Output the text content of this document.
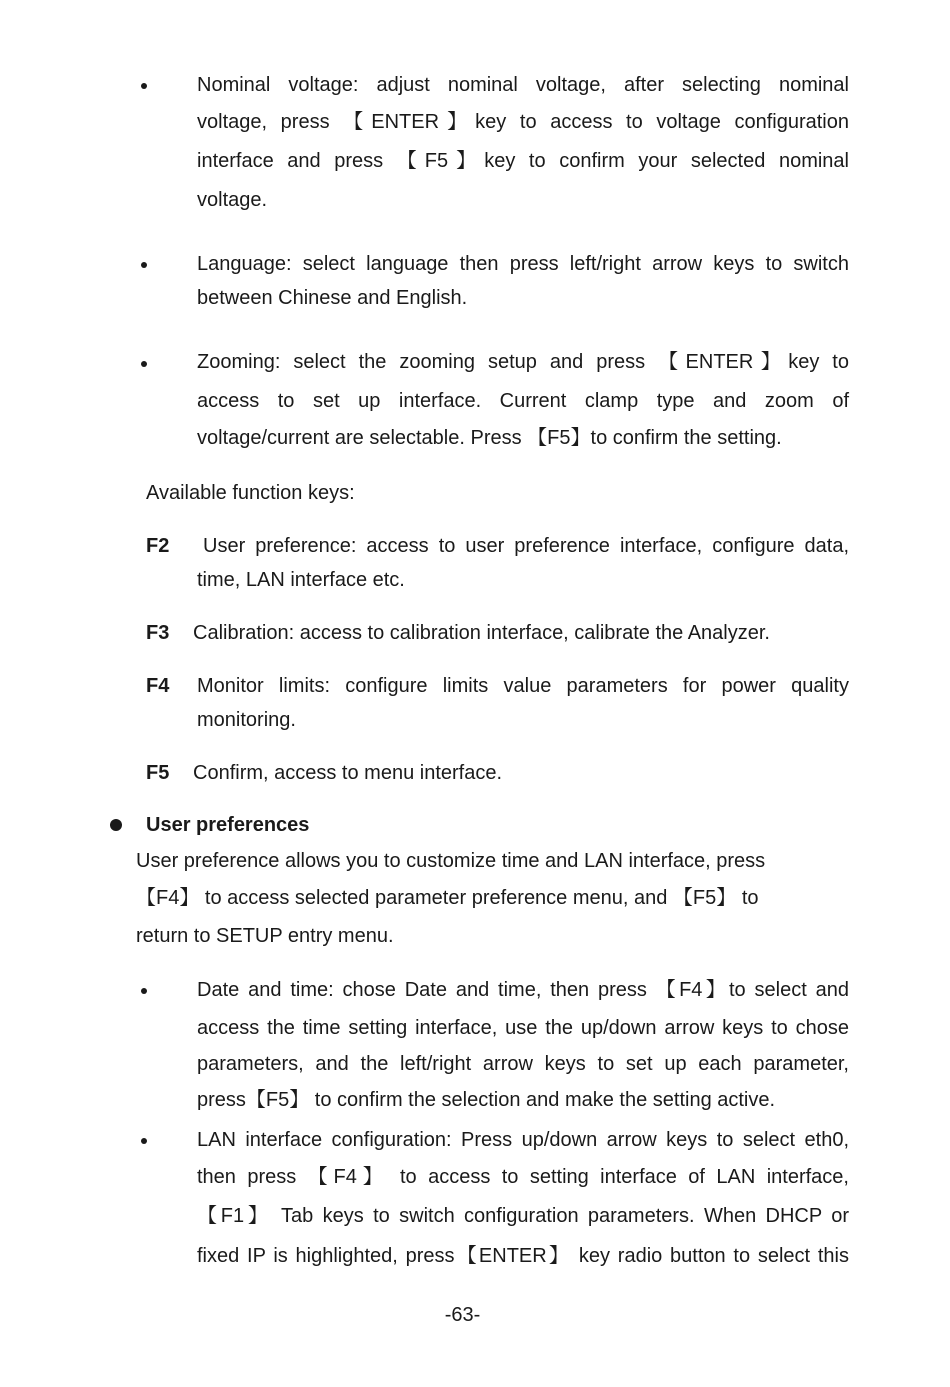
Nominal voltage: adjust nominal voltage, after selecting nominal
voltage, press 【ENTER】key to access to voltage configuration
interface and press 【F5】key to confirm your selected nominal
voltage.
Language: select language then press left/right arrow keys to switch
between Chinese and English.
Zooming: select the zooming setup and press 【ENTER】key to
access to set up interface. Current clamp type and zoom of
voltage/current are selectable. Press 【F5】to confirm the setting.
Available function keys:
F2 User preference: access to user preference interface, configure data,
time, LAN interface etc.
F3 Calibration: access to calibration interface, calibrate the Analyzer.
F4 Monitor limits: configure limits value parameters for power quality
monitoring.
F5 Confirm, access to menu interface.
User preferences
User preference allows you to customize time and LAN interface, press
【F4】 to access selected parameter preference menu, and 【F5】 to
return to SETUP entry menu.
Date and time: chose Date and time, then press 【F4】to select and
access the time setting interface, use the up/down arrow keys to chose
parameters, and the left/right arrow keys to set up each parameter,
press【F5】 to confirm the selection and make the setting active.
LAN interface configuration: Press up/down arrow keys to select eth0,
then press 【F4】 to access to setting interface of LAN interface,
【F1】 Tab keys to switch configuration parameters. When DHCP or
fixed IP is highlighted, press【ENTER】 key radio button to select this
-63-
